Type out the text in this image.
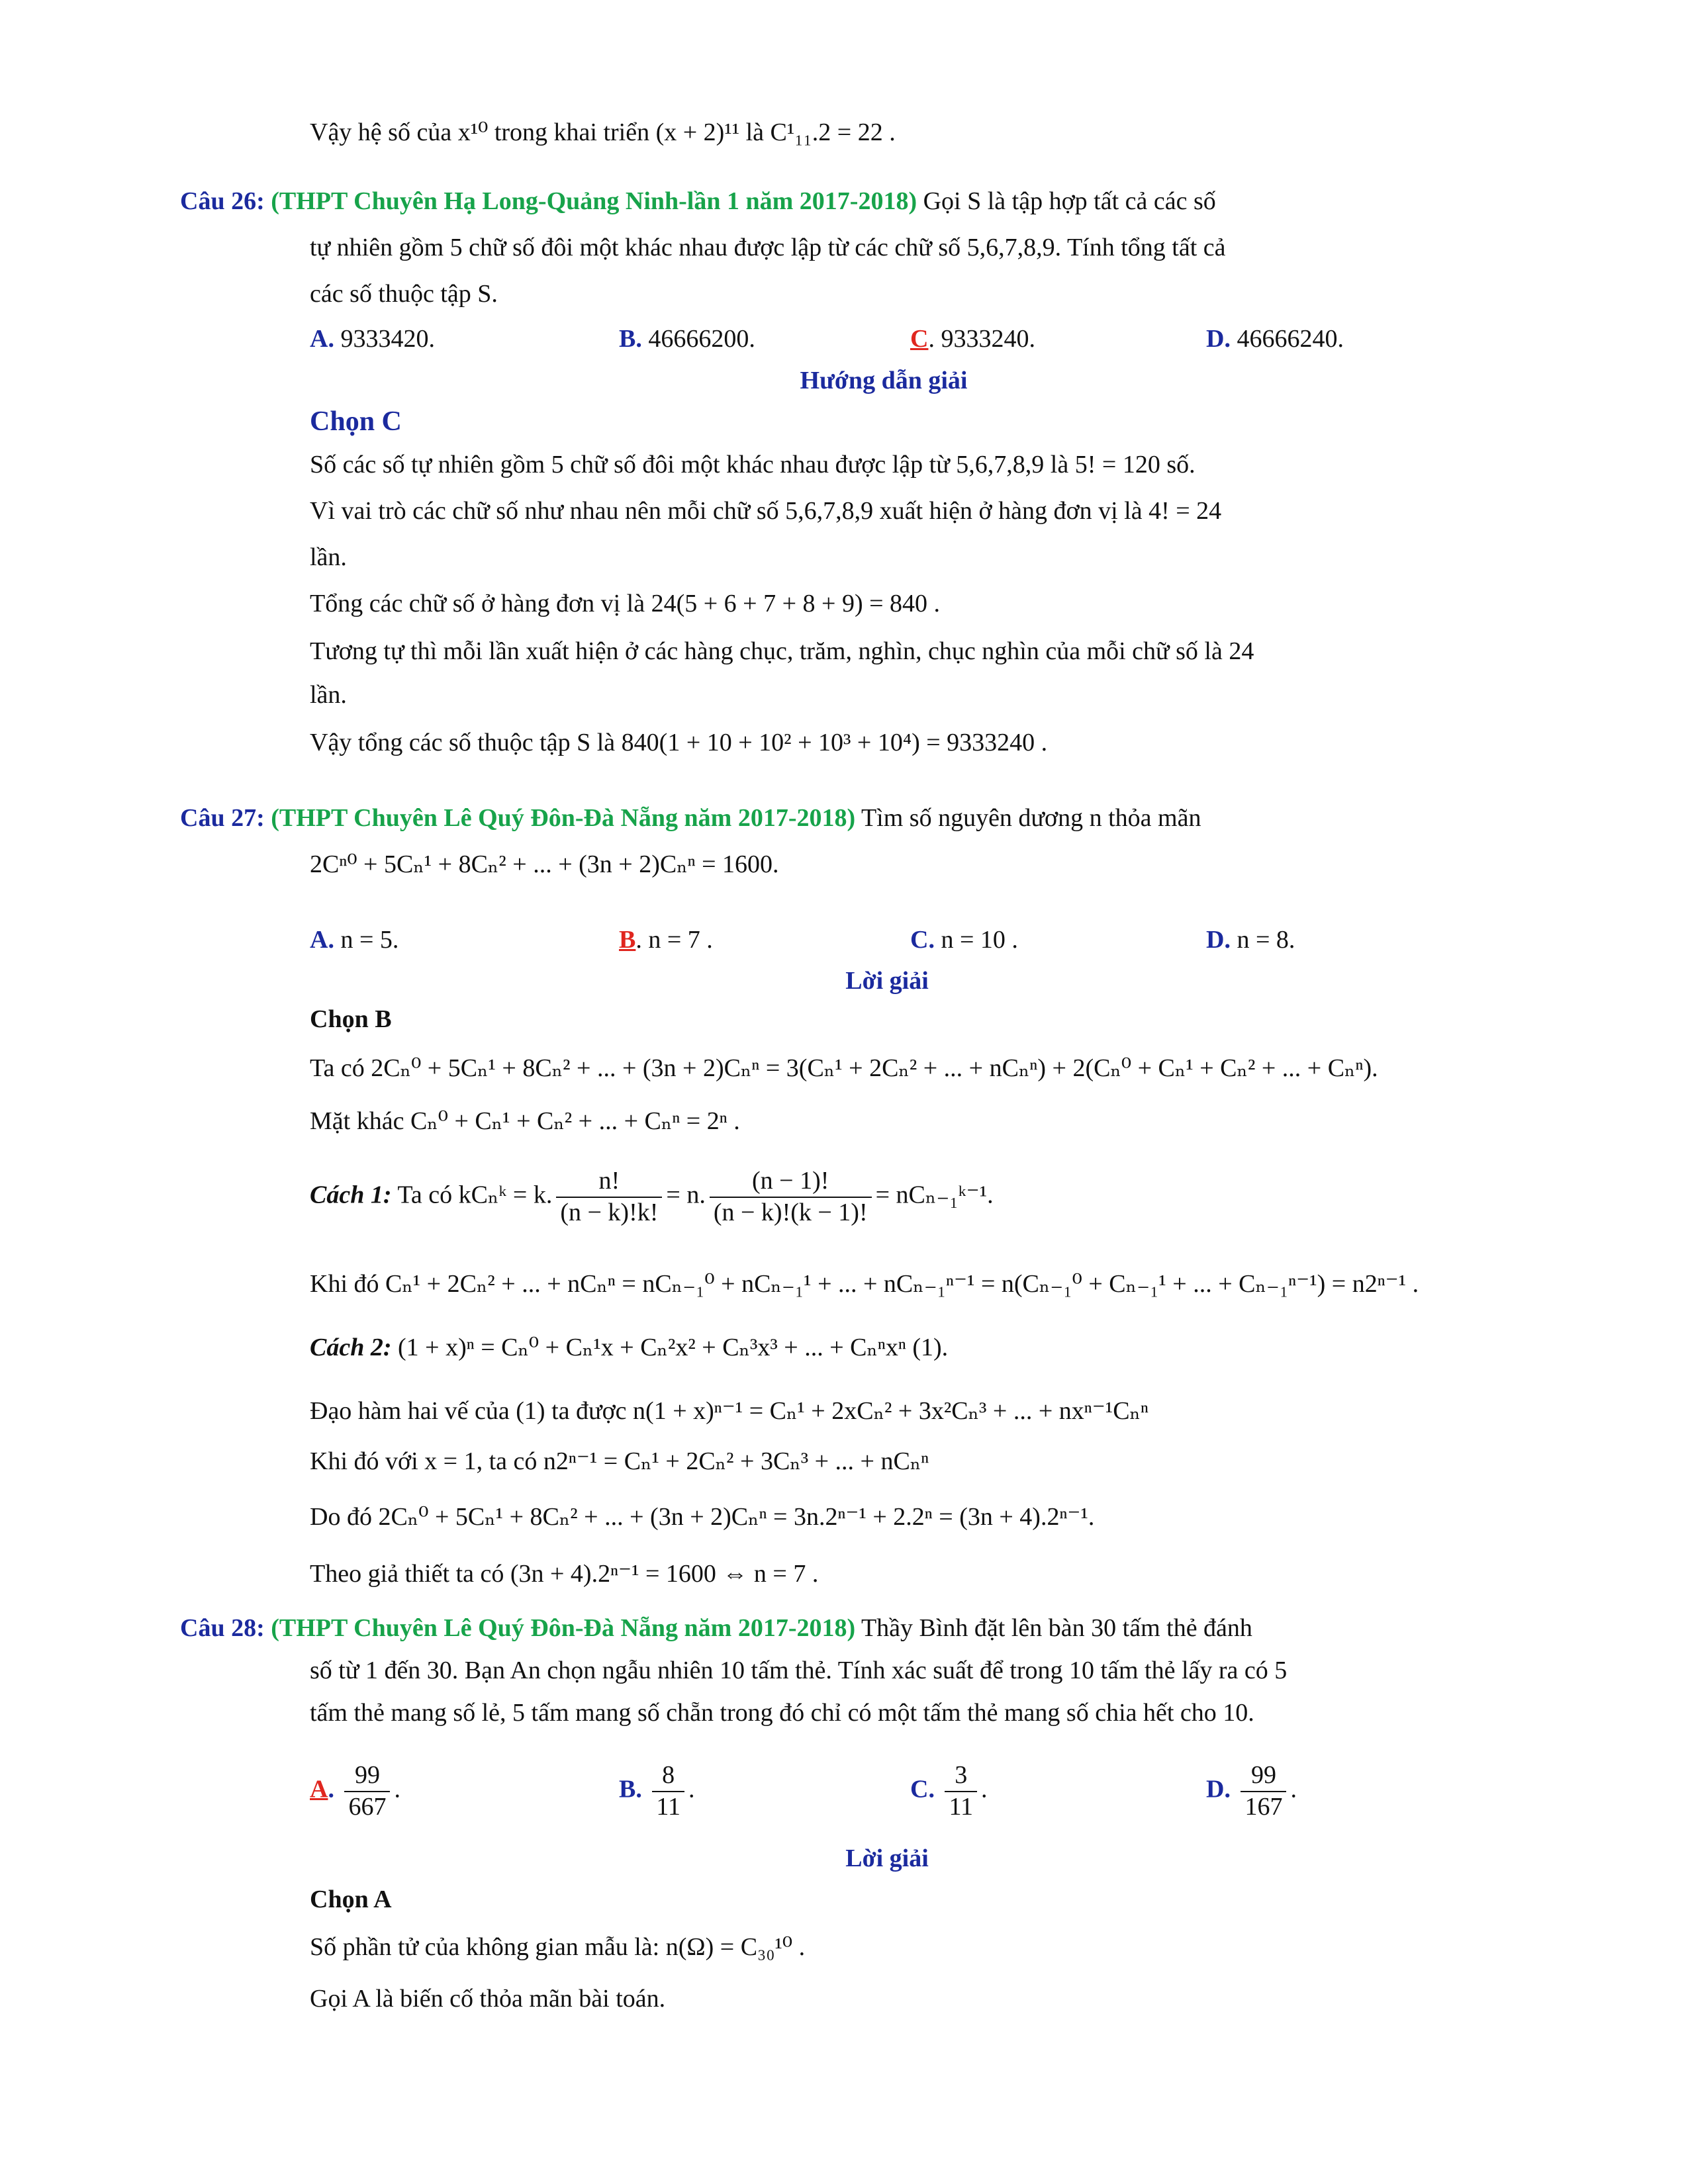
Vậy hệ số của x¹⁰ trong khai triển (x + 2)¹¹ là C¹₁₁.2 = 22 .
Câu 26: (THPT Chuyên Hạ Long-Quảng Ninh-lần 1 năm 2017-2018) Gọi S là tập hợp tất cả các số
tự nhiên gồm 5 chữ số đôi một khác nhau được lập từ các chữ số 5,6,7,8,9. Tính tổng tất cả
các số thuộc tập S.
A. 9333420.	B. 46666200.	C. 9333240.	D. 46666240.
Hướng dẫn giải
Chọn C
Số các số tự nhiên gồm 5 chữ số đôi một khác nhau được lập từ 5,6,7,8,9 là 5! = 120 số.
Vì vai trò các chữ số như nhau nên mỗi chữ số 5,6,7,8,9 xuất hiện ở hàng đơn vị là 4! = 24
lần.
Tổng các chữ số ở hàng đơn vị là 24(5 + 6 + 7 + 8 + 9) = 840 .
Tương tự thì mỗi lần xuất hiện ở các hàng chục, trăm, nghìn, chục nghìn của mỗi chữ số là 24
lần.
Vậy tổng các số thuộc tập S là 840(1 + 10 + 10² + 10³ + 10⁴) = 9333240 .
Câu 27: (THPT Chuyên Lê Quý Đôn-Đà Nẵng năm 2017-2018) Tìm số nguyên dương n thỏa mãn
2Cⁿ⁰ + 5Cₙ¹ + 8Cₙ² + ... + (3n + 2)Cₙⁿ = 1600.
A. n = 5.	B. n = 7 .	C. n = 10 .	D. n = 8.
Lời giải
Chọn B
Ta có 2Cₙ⁰ + 5Cₙ¹ + 8Cₙ² + ... + (3n + 2)Cₙⁿ = 3(Cₙ¹ + 2Cₙ² + ... + nCₙⁿ) + 2(Cₙ⁰ + Cₙ¹ + Cₙ² + ... + Cₙⁿ).
Mặt khác Cₙ⁰ + Cₙ¹ + Cₙ² + ... + Cₙⁿ = 2ⁿ .
Cách 1: Ta có kCₙᵏ = k. $\frac{n!}{(n - k)!k!} = n$. $\frac{(n - 1)!}{(n - k)!(k - 1)!}$ = nCₙ₋₁ᵏ⁻¹.
Khi đó Cₙ¹ + 2Cₙ² + ... + nCₙⁿ = nCₙ₋₁⁰ + nCₙ₋₁¹ + ... + nCₙ₋₁ⁿ⁻¹ = n(Cₙ₋₁⁰ + Cₙ₋₁¹ + ... + Cₙ₋₁ⁿ⁻¹) = n2ⁿ⁻¹ .
Cách 2: (1 + x)ⁿ = Cₙ⁰ + Cₙ¹x + Cₙ²x² + Cₙ³x³ + ... + Cₙⁿxⁿ (1).
Đạo hàm hai vế của (1) ta được n(1 + x)ⁿ⁻¹ = Cₙ¹ + 2xCₙ² + 3x²Cₙ³ + ... + nxⁿ⁻¹Cₙⁿ
Khi đó với x = 1, ta có n2ⁿ⁻¹ = Cₙ¹ + 2Cₙ² + 3Cₙ³ + ... + nCₙⁿ
Do đó 2Cₙ⁰ + 5Cₙ¹ + 8Cₙ² + ... + (3n + 2)Cₙⁿ = 3n.2ⁿ⁻¹ + 2.2ⁿ = (3n + 4).2ⁿ⁻¹.
Theo giả thiết ta có (3n + 4).2ⁿ⁻¹ = 1600 ⇔ n = 7 .
Câu 28: (THPT Chuyên Lê Quý Đôn-Đà Nẵng năm 2017-2018) Thầy Bình đặt lên bàn 30 tấm thẻ đánh
số từ 1 đến 30. Bạn An chọn ngẫu nhiên 10 tấm thẻ. Tính xác suất để trong 10 tấm thẻ lấy ra có 5
tấm thẻ mang số lẻ, 5 tấm mang số chẵn trong đó chỉ có một tấm thẻ mang số chia hết cho 10.
A. $\frac{99}{667}$ .	B. $\frac{8}{11}$ .	C. $\frac{3}{11}$ .	D. $\frac{99}{167}$ .
Lời giải
Chọn A
Số phần tử của không gian mẫu là: n(Ω) = C₃₀¹⁰ .
Gọi A là biến cố thỏa mãn bài toán.
